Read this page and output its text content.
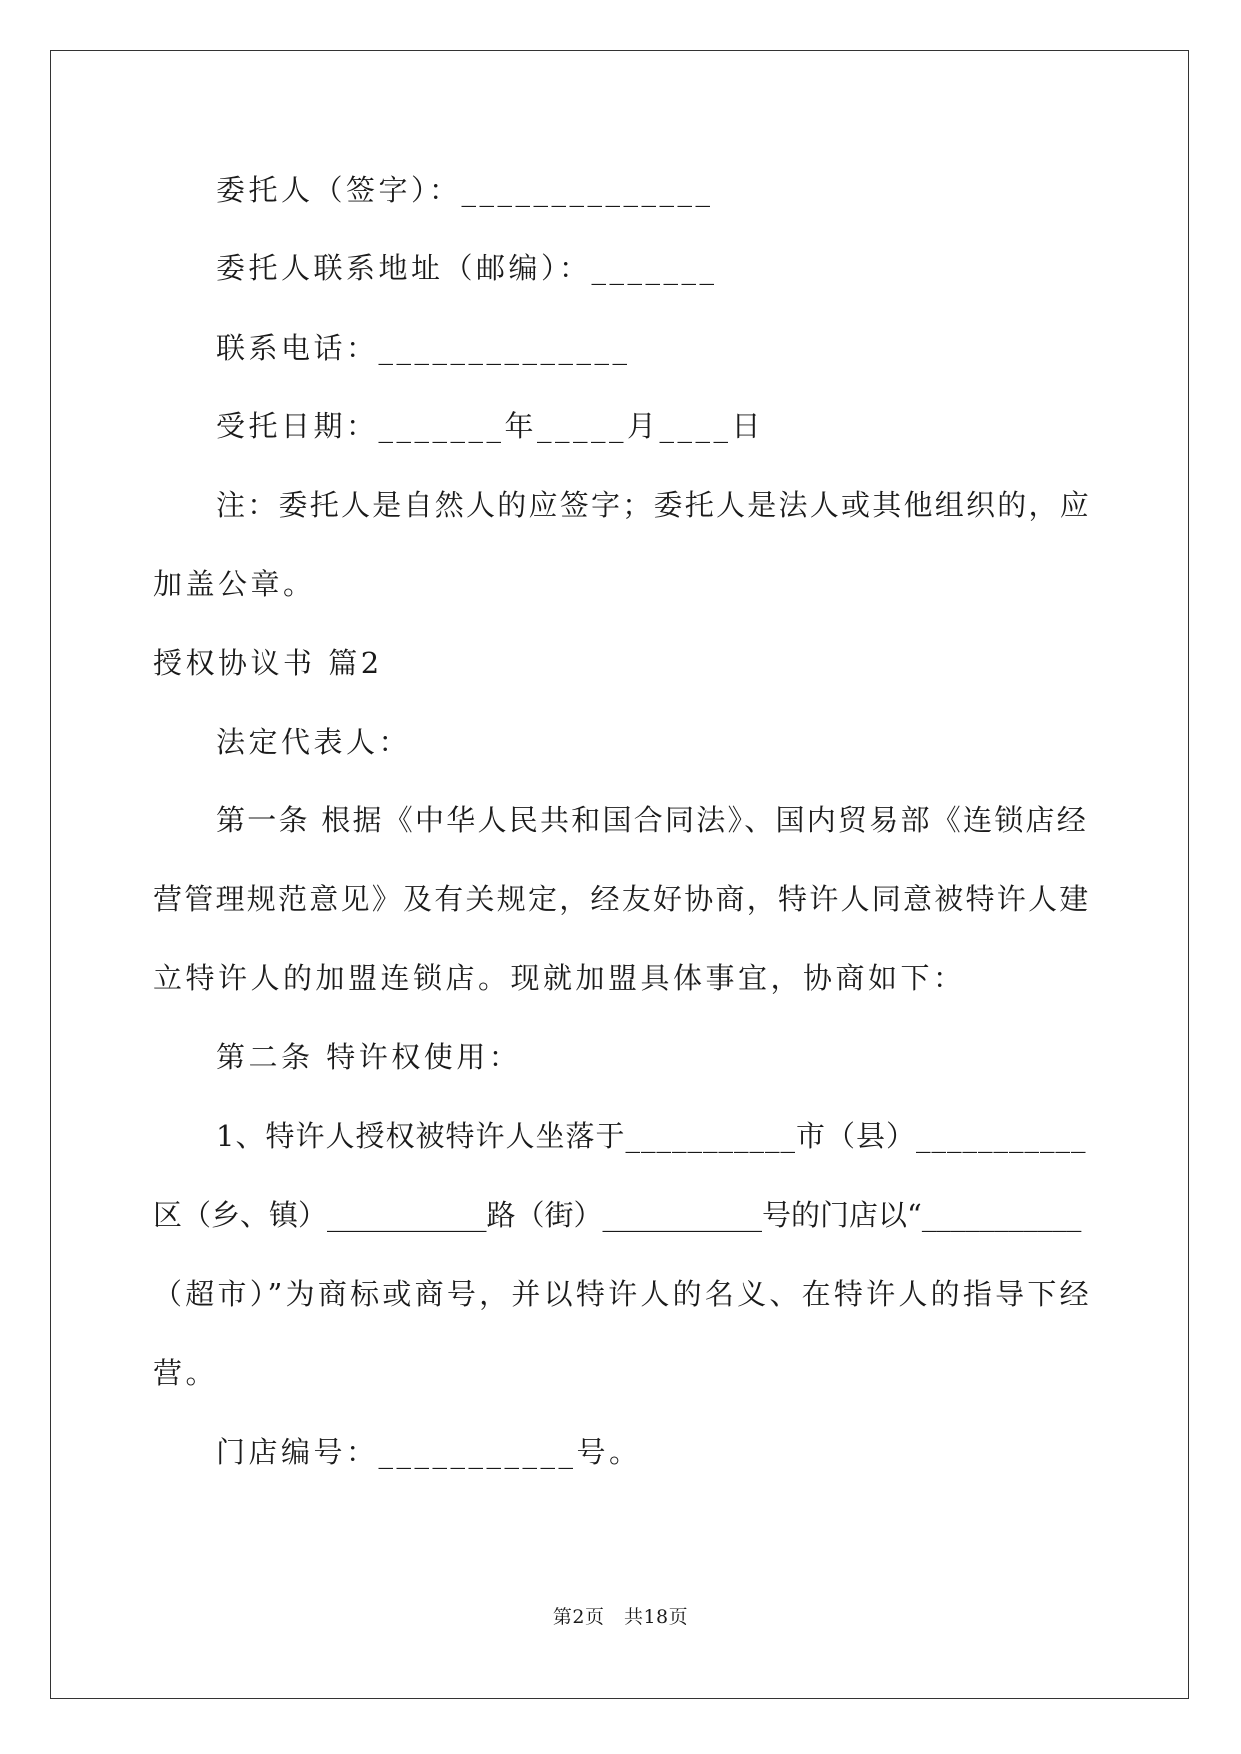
委托人（签字）：______________
委托人联系地址（邮编）：_______
联系电话：______________
受托日期：_______年_____月____日
注：委托人是自然人的应签字；委托人是法人或其他组织的，应
加盖公章。
授权协议书 篇2
法定代表人：
第一条 根据《中华人民共和国合同法》、国内贸易部《连锁店经
营管理规范意见》及有关规定，经友好协商，特许人同意被特许人建
立特许人的加盟连锁店。现就加盟具体事宜，协商如下：
第二条 特许权使用：
1、特许人授权被特许人坐落于___________市（县）___________
区（乡、镇）___________路（街）___________号的门店以“___________
（超市）”为商标或商号，并以特许人的名义、在特许人的指导下经
营。
门店编号：___________号。
第2页　共18页
